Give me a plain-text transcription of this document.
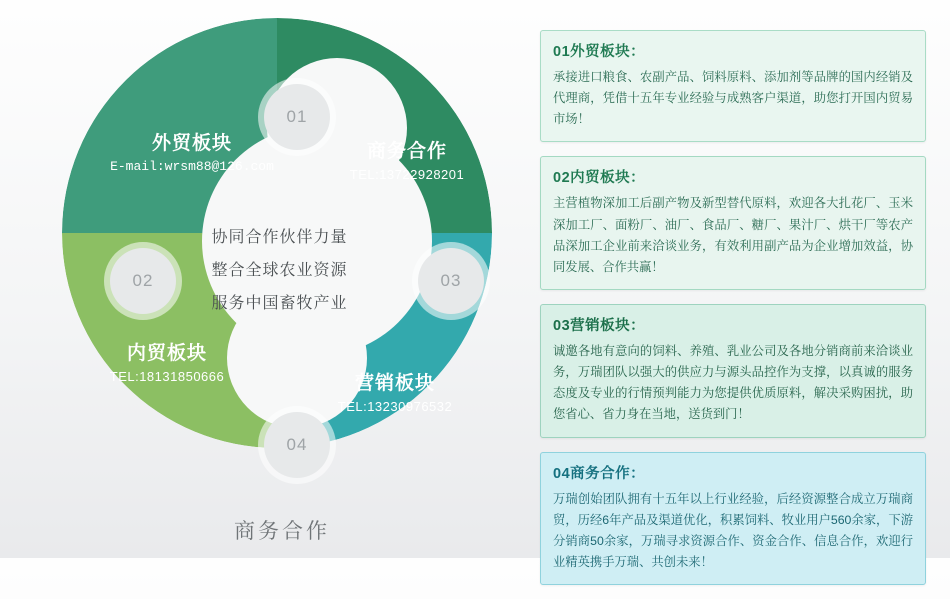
01
02	03
04
外贸板块
E-mail:wrsm88@126.com
商务合作
TEL:13722928201
内贸板块
TEL:18131850666	营销板块
TEL:13230976532
协同合作伙伴力量
整合全球农业资源
服务中国畜牧产业
商务合作
01外贸板块：

承接进口粮食、农副产品、饲料原料、添加剂等品牌的国内经销及代理商，凭借十五年专业经验与成熟客户渠道，助您打开国内贸易市场！

02内贸板块：

主营植物深加工后副产物及新型替代原料，欢迎各大扎花厂、玉米深加工厂、面粉厂、油厂、食品厂、糖厂、果汁厂、烘干厂等农产品深加工企业前来洽谈业务，有效利用副产品为企业增加效益，协同发展、合作共赢！

03营销板块：

诚邀各地有意向的饲料、养殖、乳业公司及各地分销商前来洽谈业务，万瑞团队以强大的供应力与源头品控作为支撑，以真诚的服务态度及专业的行情预判能力为您提供优质原料，解决采购困扰，助您省心、省力身在当地，送货到门！

04商务合作：

万瑞创始团队拥有十五年以上行业经验，后经资源整合成立万瑞商贸，历经6年产品及渠道优化，积累饲料、牧业用户560余家，下游分销商50余家，万瑞寻求资源合作、资金合作、信息合作，欢迎行业精英携手万瑞、共创未来！
